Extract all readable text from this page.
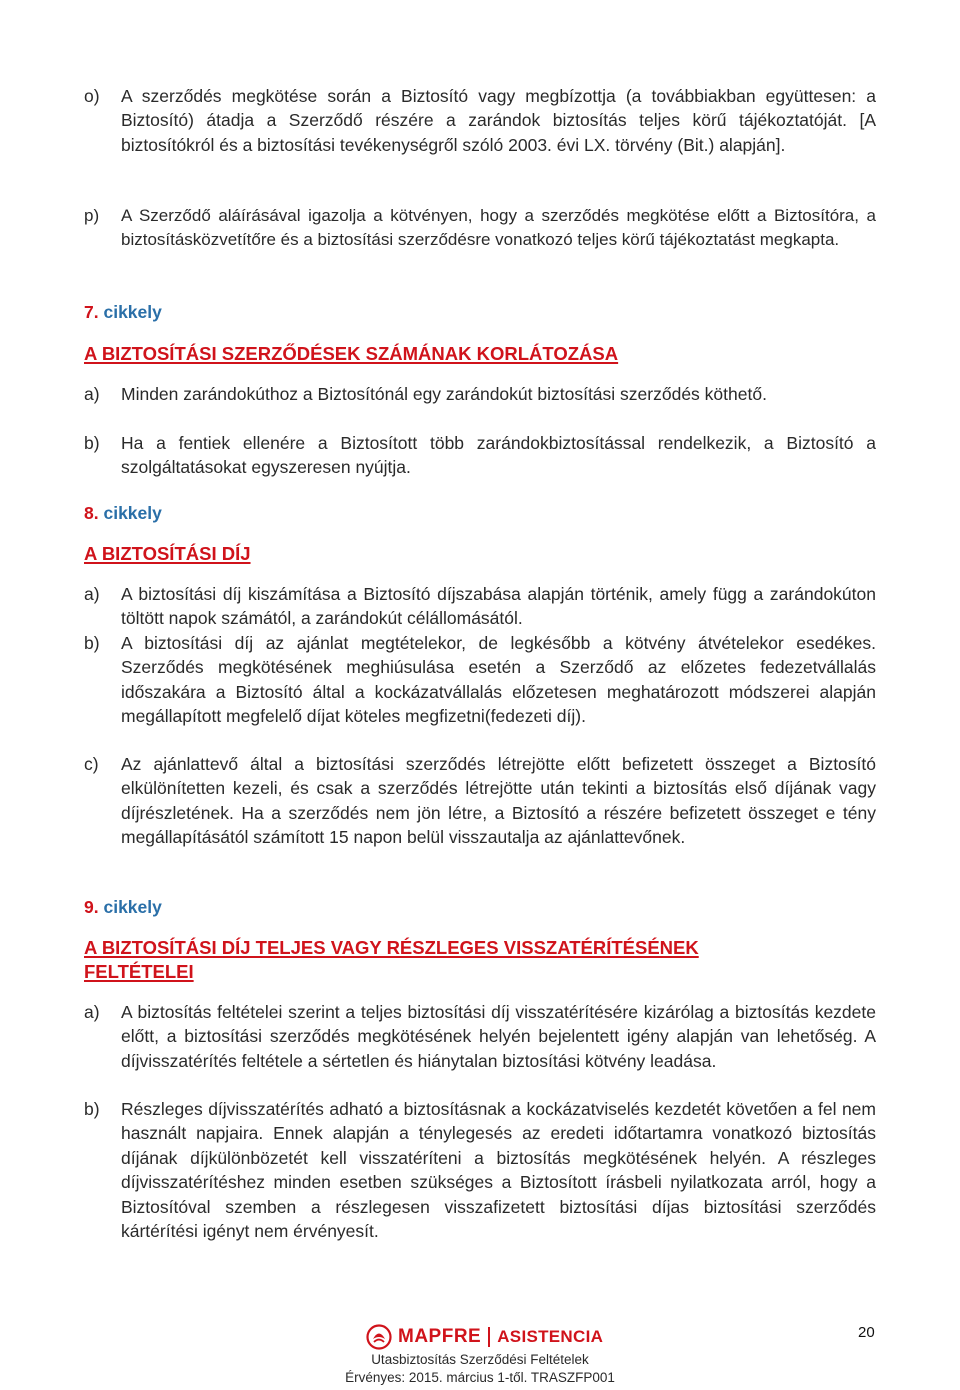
o)	A szerződés megkötése során a Biztosító vagy megbízottja (a továbbiakban együttesen: a Biztosító) átadja a Szerződő részére a zarándok biztosítás teljes körű tájékoztatóját. [A biztosítókról és a biztosítási tevékenységről szóló 2003. évi LX. törvény (Bit.) alapján].
p)	A Szerződő aláírásával igazolja a kötvényen, hogy a szerződés megkötése előtt a Biztosítóra, a biztosításközvetítőre és a biztosítási szerződésre vonatkozó teljes körű tájékoztatást megkapta.
7. cikkely
A BIZTOSÍTÁSI SZERZŐDÉSEK SZÁMÁNAK KORLÁTOZÁSA
a)	Minden zarándokúthoz a Biztosítónál egy zarándokút biztosítási szerződés köthető.
b)	Ha a fentiek ellenére a Biztosított több zarándokbiztosítással rendelkezik, a Biztosító a szolgáltatásokat egyszeresen nyújtja.
8. cikkely
A BIZTOSÍTÁSI DÍJ
a)	A biztosítási díj kiszámítása a Biztosító díjszabása alapján történik, amely függ a zarándokúton töltött napok számától, a zarándokút célállomásától.
b)	A biztosítási díj az ajánlat megtételekor, de legkésőbb a kötvény átvételekor esedékes. Szerződés megkötésének meghiúsulása esetén a Szerződő az előzetes fedezetvállalás időszakára a Biztosító által a kockázatvállalás előzetesen meghatározott módszerei alapján megállapított megfelelő díjat köteles megfizetni(fedezeti díj).
c)	Az ajánlattevő által a biztosítási szerződés létrejötte előtt befizetett összeget a Biztosító elkülönítetten kezeli, és csak a szerződés létrejötte után tekinti a biztosítás első díjának vagy díjrészletének. Ha a szerződés nem jön létre, a Biztosító a részére befizetett összeget e tény megállapításától számított 15 napon belül visszautalja az ajánlattevőnek.
9. cikkely
A BIZTOSÍTÁSI DÍJ TELJES VAGY RÉSZLEGES VISSZATÉRÍTÉSÉNEK FELTÉTELEI
a)	A biztosítás feltételei szerint a teljes biztosítási díj visszatérítésére kizárólag a biztosítás kezdete előtt, a biztosítási szerződés megkötésének helyén bejelentett igény alapján van lehetőség. A díjvisszatérítés feltétele a sértetlen és hiánytalan biztosítási kötvény leadása.
b)	Részleges díjvisszatérítés adható a biztosításnak a kockázatviselés kezdetét követően a fel nem használt napjaira. Ennek alapján a ténylegesés az eredeti időtartamra vonatkozó biztosítás díjának díjkülönbözetét kell visszatéríteni a biztosítás megkötésének helyén. A részleges díjvisszatérítéshez minden esetben szükséges a Biztosított írásbeli nyilatkozata arról, hogy a Biztosítóval szemben a részlegesen visszafizetett biztosítási díjas biztosítási szerződés kártérítési igényt nem érvényesít.
MAPFRE ASISTENCIA	20
Utasbiztosítás Szerződési Feltételek
Érvényes: 2015. március 1-től. TRASZFP001
